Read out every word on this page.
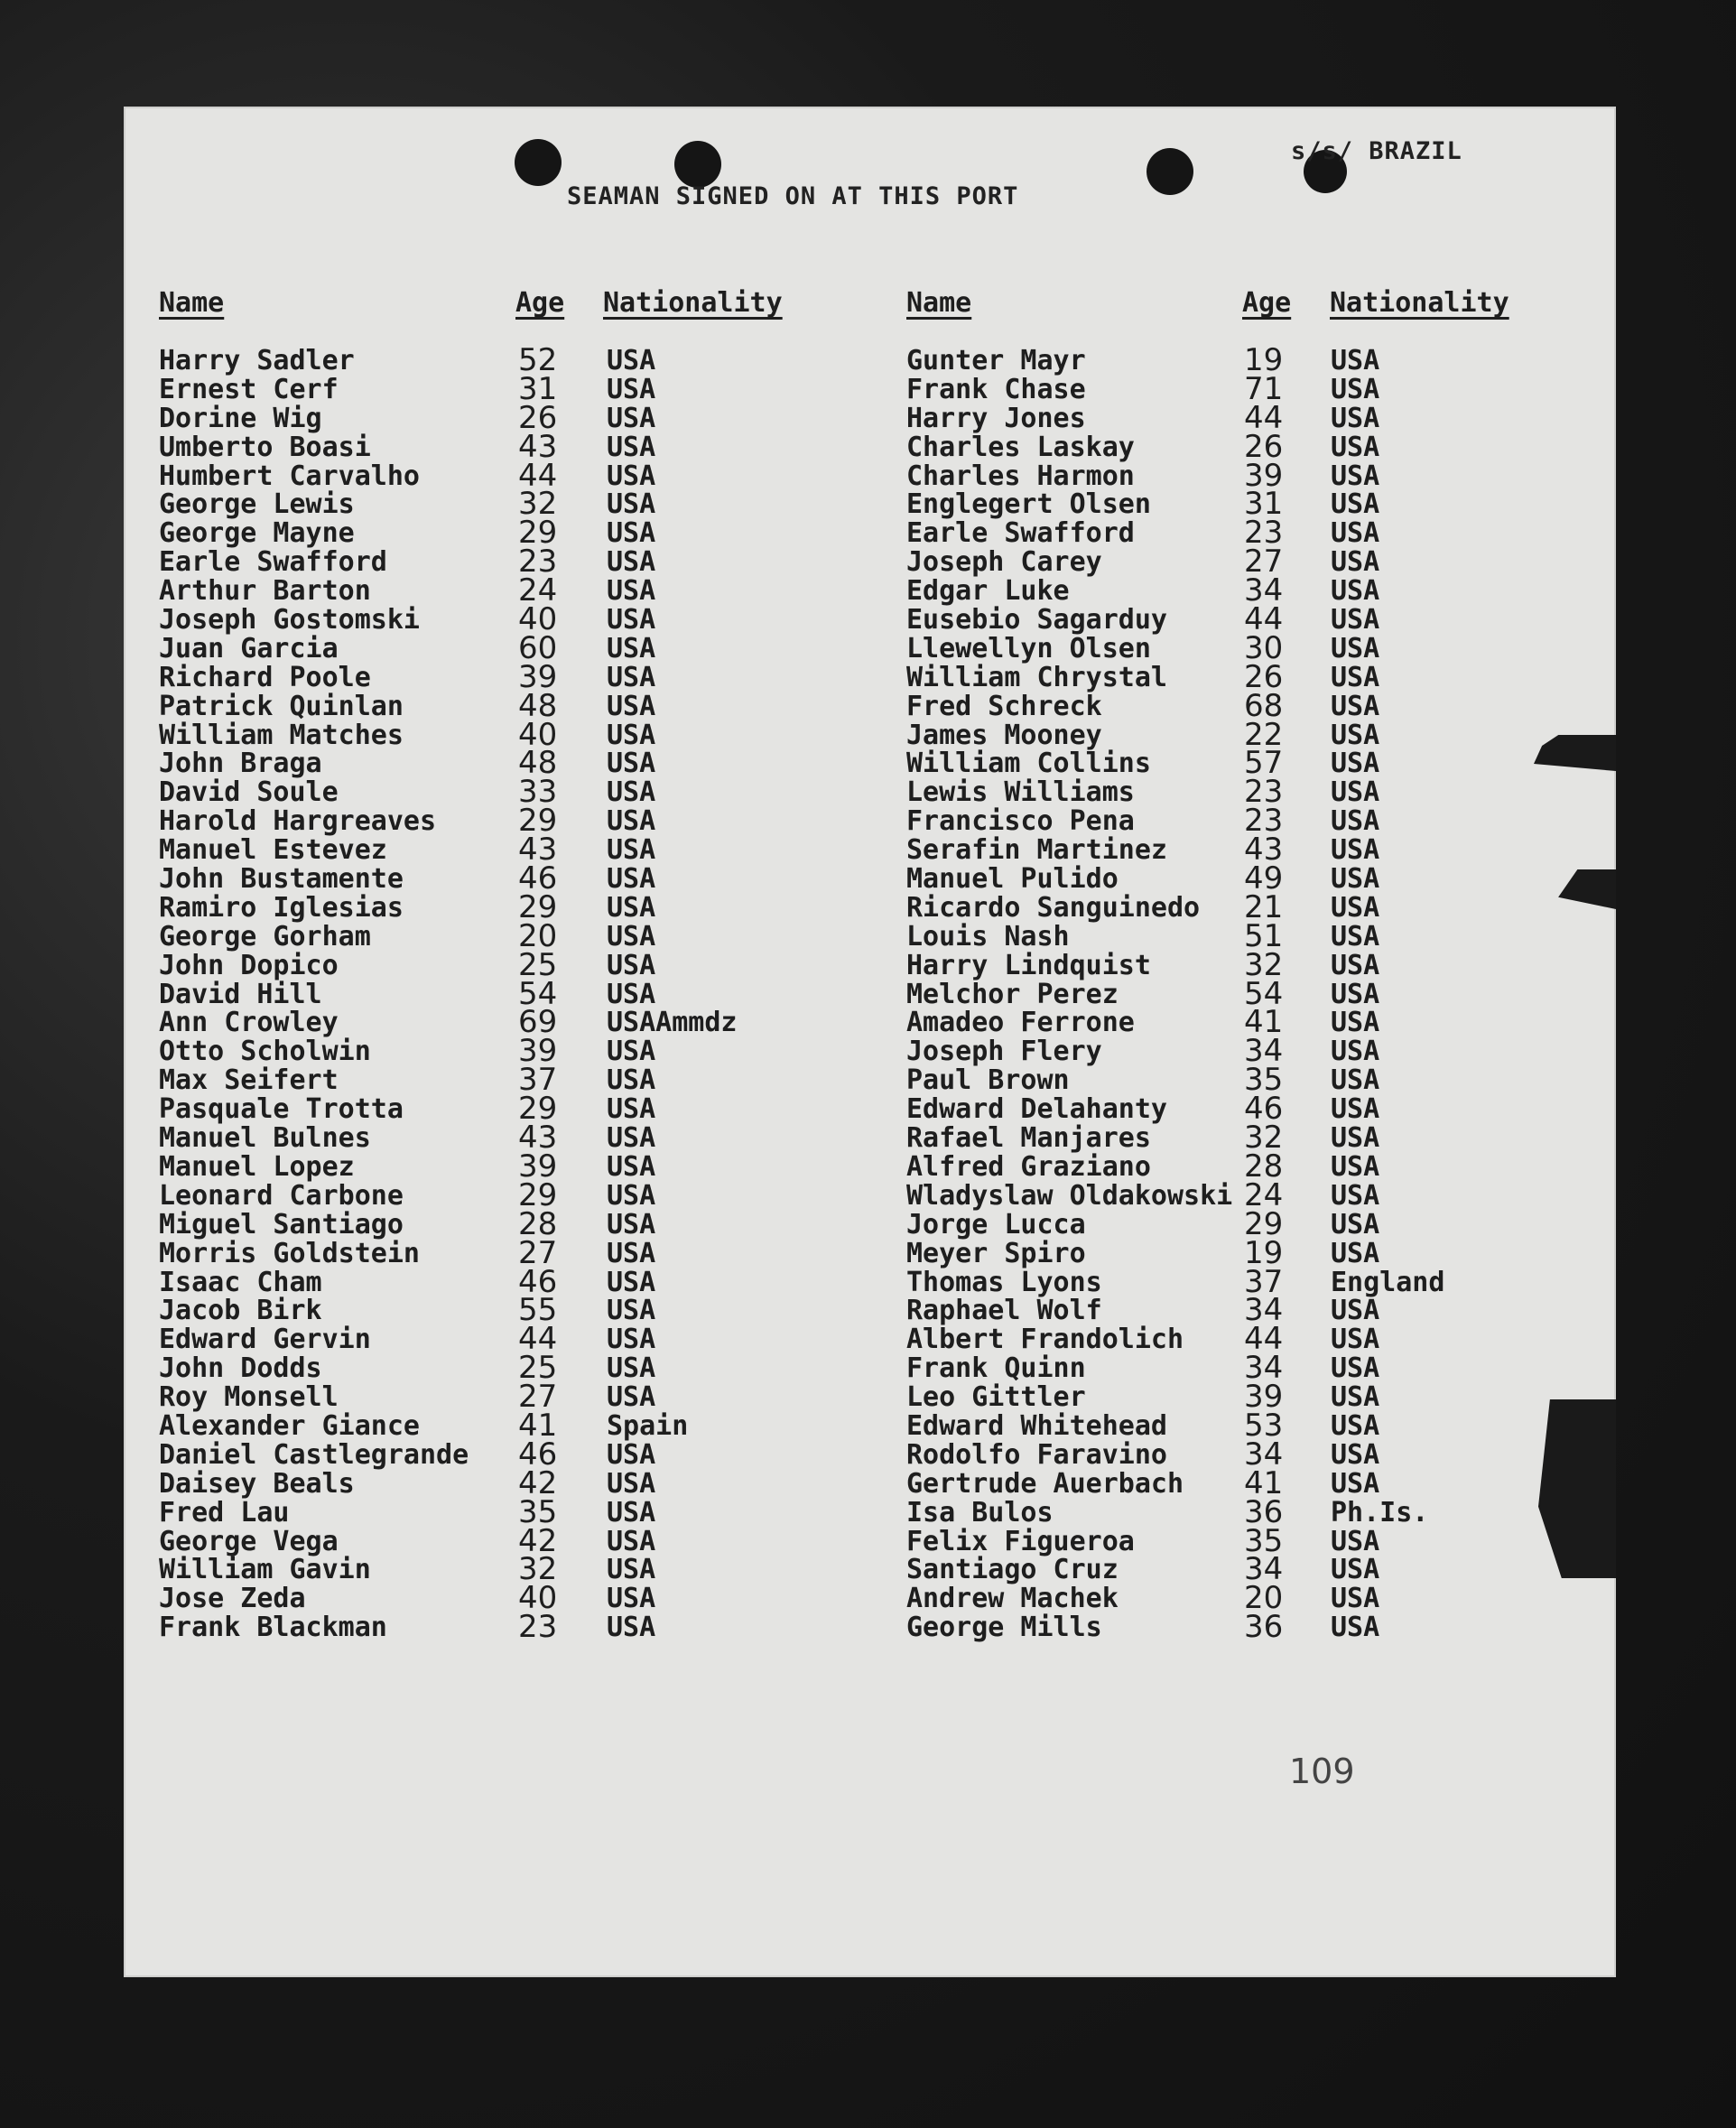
s/s/ BRAZIL
SEAMAN SIGNED ON AT THIS PORT
Name	Age Nationality	Name	Age Nationality
Harry Sadler	52 USA
Ernest Cerf	31 USA
Dorine Wig	26 USA
Umberto Boasi	43 USA
Humbert Carvalho	44 USA
George Lewis	32 USA
George Mayne	29 USA
Earle Swafford	23 USA
Arthur Barton	24 USA
Joseph Gostomski	40 USA
Juan Garcia	60 USA
Richard Poole	39 USA
Patrick Quinlan	48 USA
William Matches	40 USA
John Braga	48 USA
David Soule	33 USA
Harold Hargreaves	29 USA
Manuel Estevez	43 USA
John Bustamente	46 USA
Ramiro Iglesias	29 USA
George Gorham	20 USA
John Dopico	25 USA
David Hill	54 USA
Ann Crowley	69 USAAmmdz
Otto Scholwin	39 USA
Max Seifert	37 USA
Pasquale Trotta	29 USA
Manuel Bulnes	43 USA
Manuel Lopez	39 USA
Leonard Carbone	29 USA
Miguel Santiago	28 USA
Morris Goldstein	27 USA
Isaac Cham	46 USA
Jacob Birk	55 USA
Edward Gervin	44 USA
John Dodds	25 USA
Roy Monsell	27 USA
Alexander Giance	41 Spain
Daniel Castlegrande 46 USA
Daisey Beals	42 USA
Fred Lau	35 USA
George Vega	42 USA
William Gavin	32 USA
Jose Zeda	40 USA
Frank Blackman	23 USA
Gunter Mayr	19 USA
Frank Chase	71 USA
Harry Jones	44 USA
Charles Laskay	26 USA
Charles Harmon	39 USA
Englegert Olsen	31 USA
Earle Swafford	23 USA
Joseph Carey	27 USA
Edgar Luke	34 USA
Eusebio Sagarduy	44 USA
Llewellyn Olsen	30 USA
William Chrystal	26 USA
Fred Schreck	68 USA
James Mooney	22 USA
William Collins	57 USA
Lewis Williams	23 USA
Francisco Pena	23 USA
Serafin Martinez	43 USA
Manuel Pulido	49 USA
Ricardo Sanguinedo 21 USA
Louis Nash	51 USA
Harry Lindquist	32 USA
Melchor Perez	54 USA
Amadeo Ferrone	41 USA
Joseph Flery	34 USA
Paul Brown	35 USA
Edward Delahanty	46 USA
Rafael Manjares	32 USA
Alfred Graziano	28 USA
Wladyslaw Oldakowski 24 USA
Jorge Lucca	29 USA
Meyer Spiro	19 USA
Thomas Lyons	37 England
Raphael Wolf	34 USA
Albert Frandolich 44 USA
Frank Quinn	34 USA
Leo Gittler	39 USA
Edward Whitehead	53 USA
Rodolfo Faravino	34 USA
Gertrude Auerbach 41 USA
Isa Bulos	36 Ph.Is.
Felix Figueroa	35 USA
Santiago Cruz	34 USA
Andrew Machek	20 USA
George Mills	36 USA
109
